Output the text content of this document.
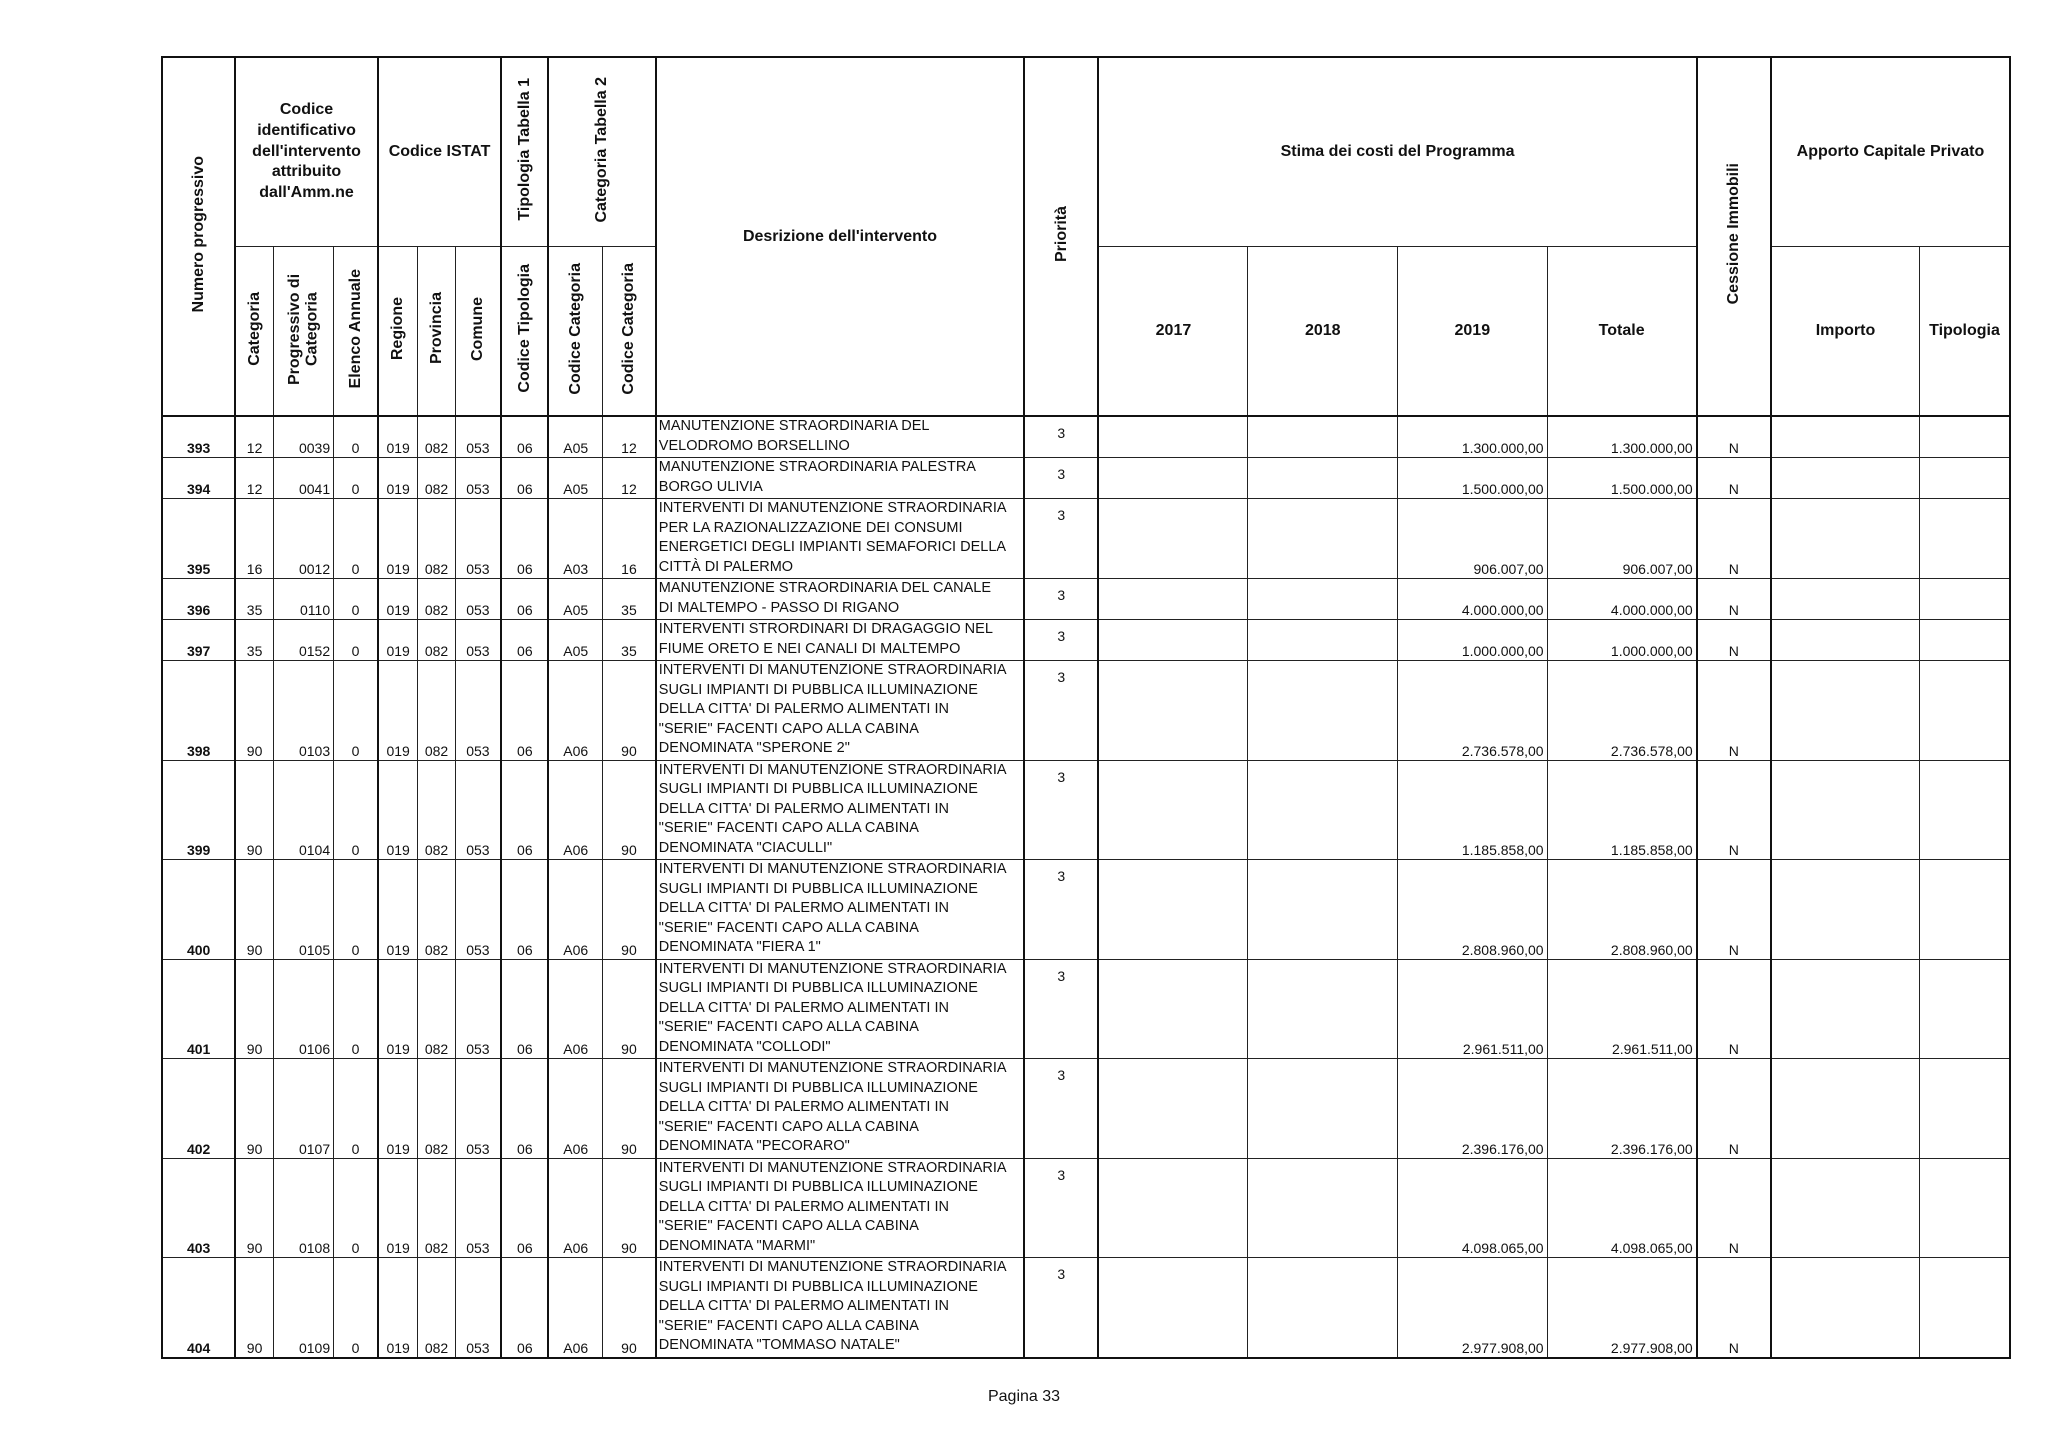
Numero progressivo	Codice identificativo dell'intervento attribuito dall'Amm.ne			Codice ISTAT			Tipologia Tabella 1	Categoria Tabella 2		Desrizione dell'intervento	Priorità	Stima dei costi del Programma				Cessione Immobili	Apporto Capitale Privato	
	Categoria	Progressivo di Categoria	Elenco Annuale	Regione	Provincia	Comune	Codice Tipologia	Codice Categoria	Codice Categoria			2017	2018	2019	Totale		Importo	Tipologia
393	12	0039	0	019	082	053	06	A05	12	MANUTENZIONE STRAORDINARIA DEL
VELODROMO BORSELLINO	3			1.300.000,00	1.300.000,00	N		
394	12	0041	0	019	082	053	06	A05	12	MANUTENZIONE STRAORDINARIA PALESTRA
BORGO ULIVIA	3			1.500.000,00	1.500.000,00	N		
395	16	0012	0	019	082	053	06	A03	16	INTERVENTI DI MANUTENZIONE STRAORDINARIA
PER LA RAZIONALIZZAZIONE DEI CONSUMI
ENERGETICI DEGLI IMPIANTI SEMAFORICI DELLA
CITTÀ DI PALERMO	3			906.007,00	906.007,00	N		
396	35	0110	0	019	082	053	06	A05	35	MANUTENZIONE STRAORDINARIA DEL CANALE
DI MALTEMPO - PASSO DI RIGANO	3			4.000.000,00	4.000.000,00	N		
397	35	0152	0	019	082	053	06	A05	35	INTERVENTI STRORDINARI DI DRAGAGGIO NEL
FIUME ORETO E NEI CANALI DI MALTEMPO	3			1.000.000,00	1.000.000,00	N		
398	90	0103	0	019	082	053	06	A06	90	INTERVENTI DI MANUTENZIONE STRAORDINARIA
SUGLI IMPIANTI DI PUBBLICA ILLUMINAZIONE
DELLA CITTA' DI PALERMO ALIMENTATI IN
"SERIE" FACENTI CAPO ALLA CABINA
DENOMINATA "SPERONE 2"	3			2.736.578,00	2.736.578,00	N		
399	90	0104	0	019	082	053	06	A06	90	INTERVENTI DI MANUTENZIONE STRAORDINARIA
SUGLI IMPIANTI DI PUBBLICA ILLUMINAZIONE
DELLA CITTA' DI PALERMO ALIMENTATI IN
"SERIE" FACENTI CAPO ALLA CABINA
DENOMINATA "CIACULLI"	3			1.185.858,00	1.185.858,00	N		
400	90	0105	0	019	082	053	06	A06	90	INTERVENTI DI MANUTENZIONE STRAORDINARIA
SUGLI IMPIANTI DI PUBBLICA ILLUMINAZIONE
DELLA CITTA' DI PALERMO ALIMENTATI IN
"SERIE" FACENTI CAPO ALLA CABINA
DENOMINATA "FIERA 1"	3			2.808.960,00	2.808.960,00	N		
401	90	0106	0	019	082	053	06	A06	90	INTERVENTI DI MANUTENZIONE STRAORDINARIA
SUGLI IMPIANTI DI PUBBLICA ILLUMINAZIONE
DELLA CITTA' DI PALERMO ALIMENTATI IN
"SERIE" FACENTI CAPO ALLA CABINA
DENOMINATA "COLLODI"	3			2.961.511,00	2.961.511,00	N		
402	90	0107	0	019	082	053	06	A06	90	INTERVENTI DI MANUTENZIONE STRAORDINARIA
SUGLI IMPIANTI DI PUBBLICA ILLUMINAZIONE
DELLA CITTA' DI PALERMO ALIMENTATI IN
"SERIE" FACENTI CAPO ALLA CABINA
DENOMINATA "PECORARO"	3			2.396.176,00	2.396.176,00	N		
403	90	0108	0	019	082	053	06	A06	90	INTERVENTI DI MANUTENZIONE STRAORDINARIA
SUGLI IMPIANTI DI PUBBLICA ILLUMINAZIONE
DELLA CITTA' DI PALERMO ALIMENTATI IN
"SERIE" FACENTI CAPO ALLA CABINA
DENOMINATA "MARMI"	3			4.098.065,00	4.098.065,00	N		
404	90	0109	0	019	082	053	06	A06	90	INTERVENTI DI MANUTENZIONE STRAORDINARIA
SUGLI IMPIANTI DI PUBBLICA ILLUMINAZIONE
DELLA CITTA' DI PALERMO ALIMENTATI IN
"SERIE" FACENTI CAPO ALLA CABINA
DENOMINATA "TOMMASO NATALE"	3			2.977.908,00	2.977.908,00	N		
Pagina 33
